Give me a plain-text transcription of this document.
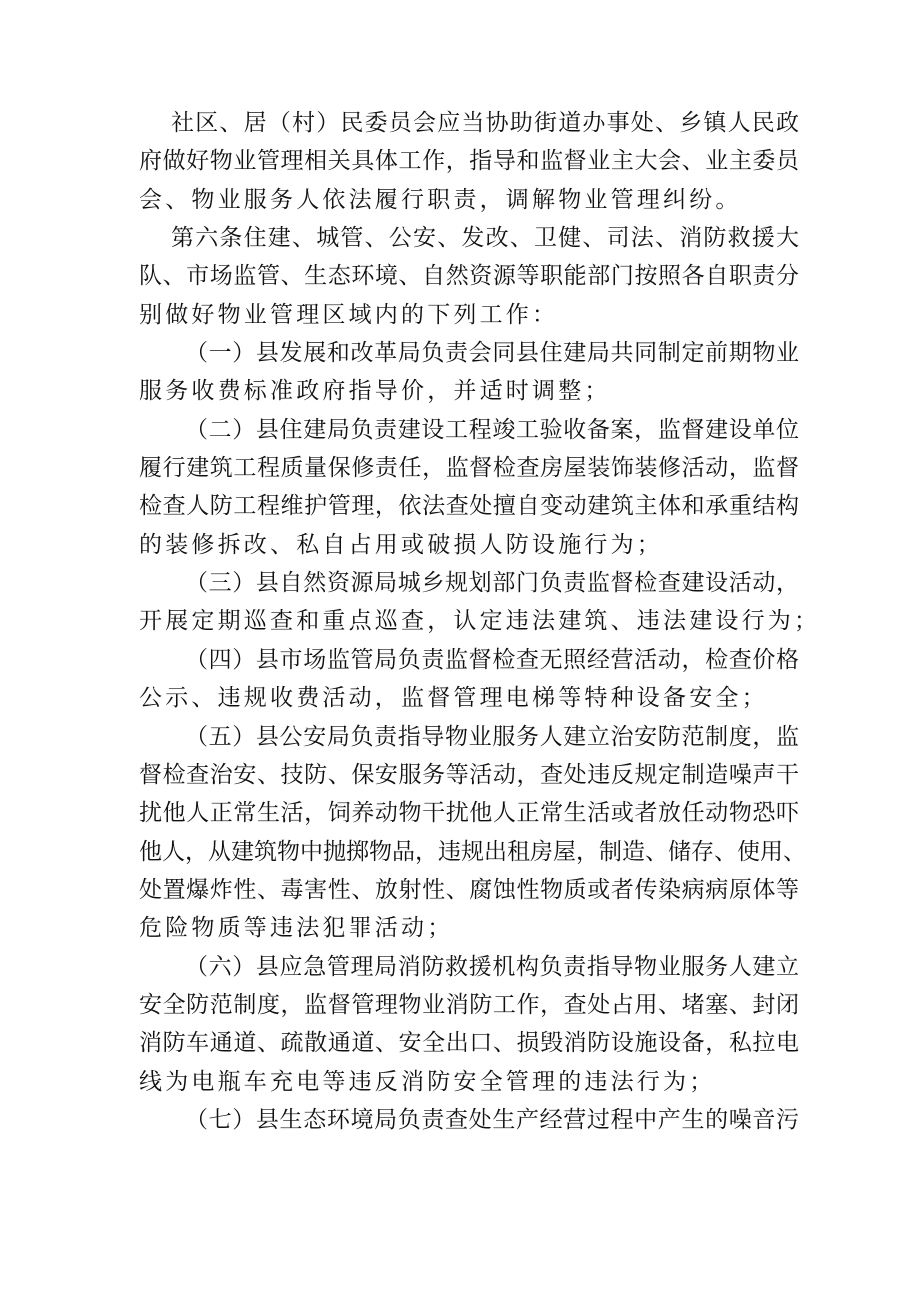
社区、居（村）民委员会应当协助街道办事处、乡镇人民政
府做好物业管理相关具体工作，指导和监督业主大会、业主委员
会、物业服务人依法履行职责，调解物业管理纠纷。
第六条住建、城管、公安、发改、卫健、司法、消防救援大
队、市场监管、生态环境、自然资源等职能部门按照各自职责分
别做好物业管理区域内的下列工作：
（一）县发展和改革局负责会同县住建局共同制定前期物业
服务收费标准政府指导价，并适时调整；
（二）县住建局负责建设工程竣工验收备案，监督建设单位
履行建筑工程质量保修责任，监督检查房屋装饰装修活动，监督
检查人防工程维护管理，依法查处擅自变动建筑主体和承重结构
的装修拆改、私自占用或破损人防设施行为；
（三）县自然资源局城乡规划部门负责监督检查建设活动，
开展定期巡查和重点巡查，认定违法建筑、违法建设行为；
（四）县市场监管局负责监督检查无照经营活动，检查价格
公示、违规收费活动，监督管理电梯等特种设备安全；
（五）县公安局负责指导物业服务人建立治安防范制度，监
督检查治安、技防、保安服务等活动，查处违反规定制造噪声干
扰他人正常生活，饲养动物干扰他人正常生活或者放任动物恐吓
他人，从建筑物中抛掷物品，违规出租房屋，制造、储存、使用、
处置爆炸性、毒害性、放射性、腐蚀性物质或者传染病病原体等
危险物质等违法犯罪活动；
（六）县应急管理局消防救援机构负责指导物业服务人建立
安全防范制度，监督管理物业消防工作，查处占用、堵塞、封闭
消防车通道、疏散通道、安全出口、损毁消防设施设备，私拉电
线为电瓶车充电等违反消防安全管理的违法行为；
（七）县生态环境局负责查处生产经营过程中产生的噪音污
